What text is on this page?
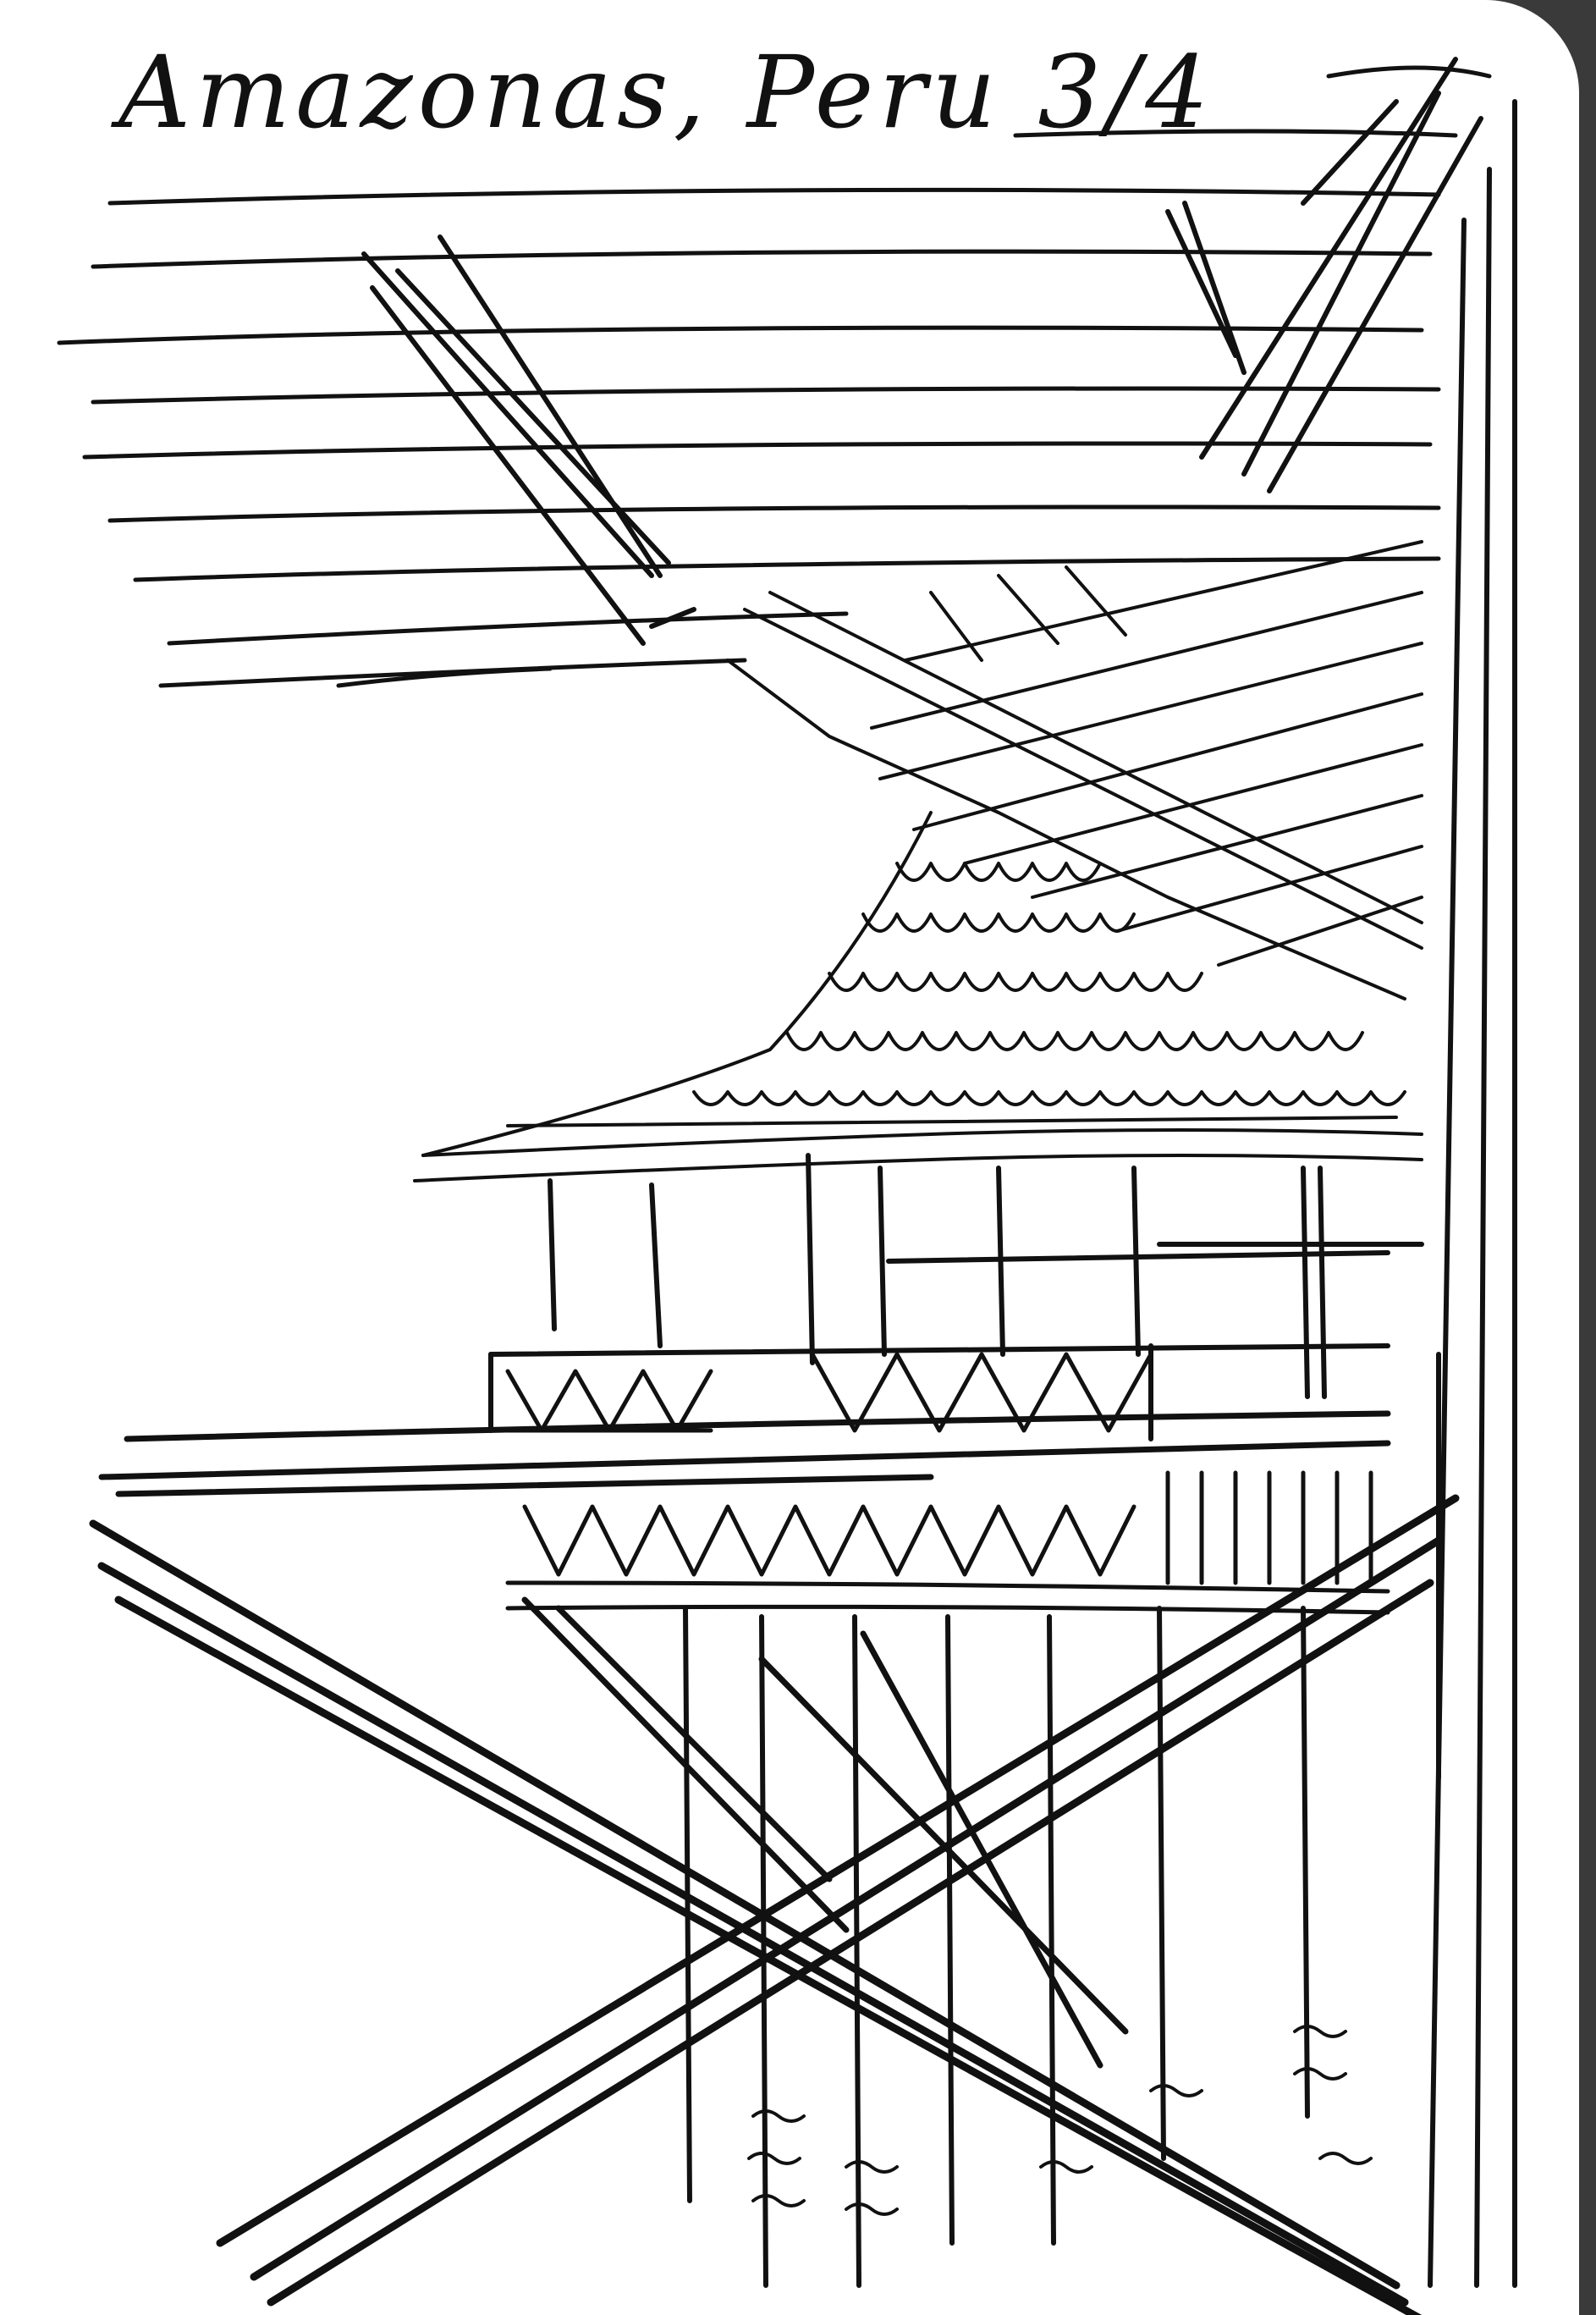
Amazonas, Peru 3/4
